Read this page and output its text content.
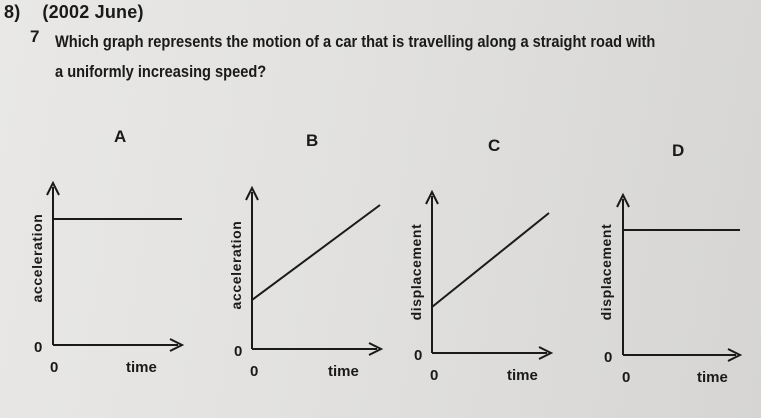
8) (2002 June)
7 Which graph represents the motion of a car that is travelling along a straight road with a uniformly increasing speed?
A	B	C	D
acceleration
0
0	time
acceleration
0
0	time
displacement
0
0	time
displacement
0
0	time
